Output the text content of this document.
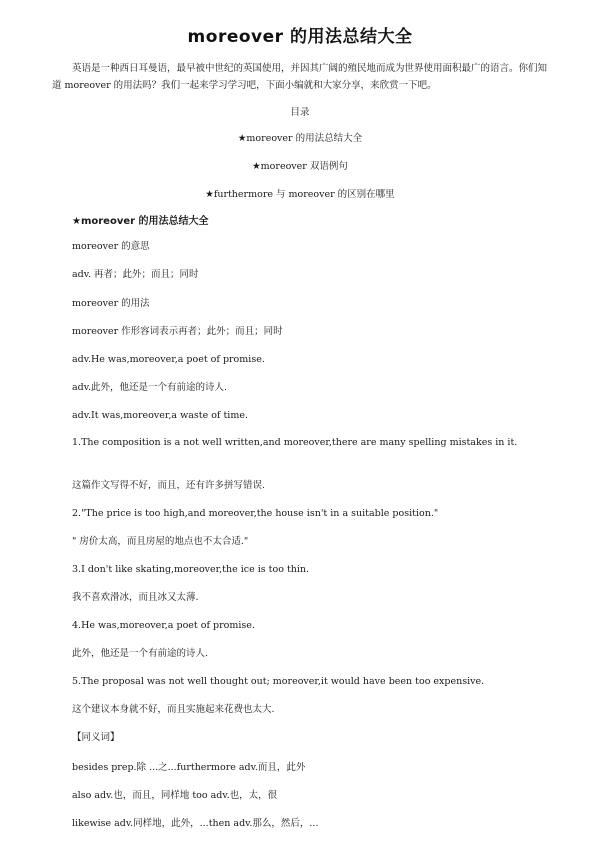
moreover 的用法总结大全
英语是一种西日耳曼语，最早被中世纪的英国使用，并因其广阔的殖民地而成为世界使用面积最广的语言。你们知道 moreover 的用法吗？我们一起来学习学习吧，下面小编就和大家分享，来欣赏一下吧。
目录
★moreover 的用法总结大全
★moreover 双语例句
★furthermore 与 moreover 的区别在哪里
★moreover 的用法总结大全
moreover 的意思
adv. 再者；此外；而且；同时
moreover 的用法
moreover 作形容词表示再者；此外；而且；同时
adv.He was,moreover,a poet of promise.
adv.此外，他还是一个有前途的诗人.
adv.It was,moreover,a waste of time.
1.The composition is a not well written,and moreover,there are many spelling mistakes in it.
这篇作文写得不好，而且，还有许多拼写错误.
2."The price is too high,and moreover,the house isn't in a suitable position."
" 房价太高，而且房屋的地点也不太合适."
3.I don't like skating,moreover,the ice is too thin.
我不喜欢滑冰，而且冰又太薄.
4.He was,moreover,a poet of promise.
此外，他还是一个有前途的诗人.
5.The proposal was not well thought out; moreover,it would have been too expensive.
这个建议本身就不好，而且实施起来花费也太大.
【同义词】
besides prep.除 ...之...furthermore adv.而且，此外
also adv.也，而且，同样地 too adv.也，太，很
likewise adv.同样地，此外，...then adv.那么，然后，...
